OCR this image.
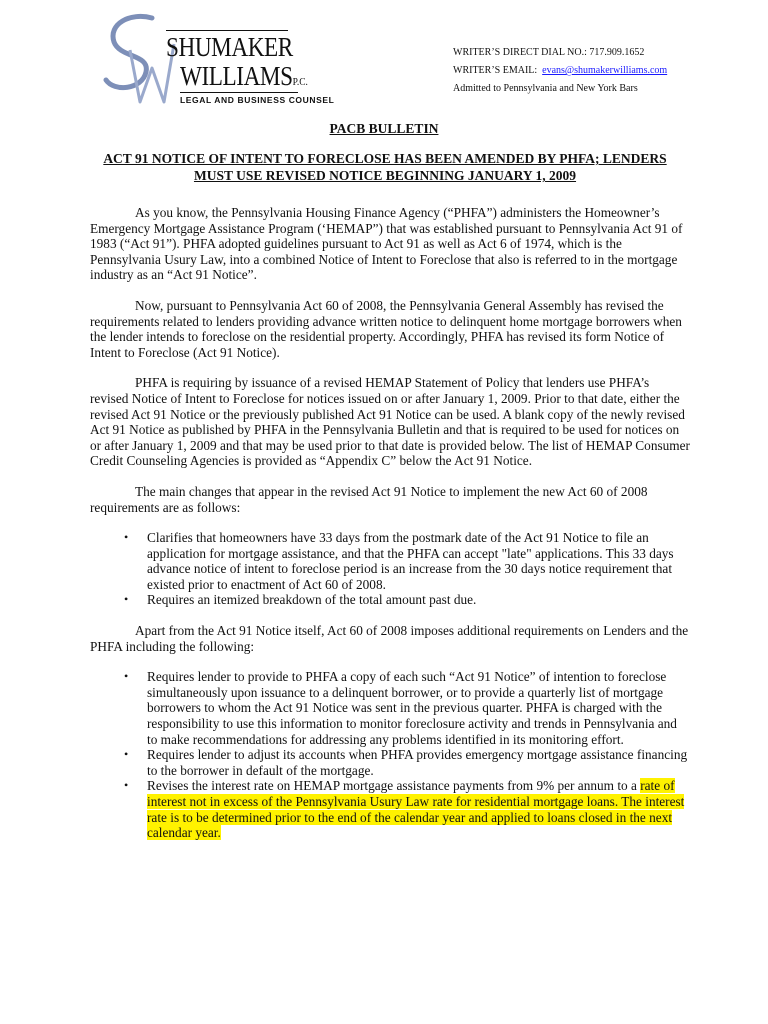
SHUMAKER
WILLIAMSP.C.
LEGAL AND BUSINESS COUNSEL
WRITER’S DIRECT DIAL NO.: 717.909.1652
WRITER’S EMAIL: evans@shumakerwilliams.com
Admitted to Pennsylvania and New York Bars
PACB BULLETIN
ACT 91 NOTICE OF INTENT TO FORECLOSE HAS BEEN AMENDED BY PHFA; LENDERS MUST USE REVISED NOTICE BEGINNING JANUARY 1, 2009

As you know, the Pennsylvania Housing Finance Agency (“PHFA”) administers the Homeowner’s Emergency Mortgage Assistance Program (‘HEMAP”) that was established pursuant to Pennsylvania Act 91 of 1983 (“Act 91”). PHFA adopted guidelines pursuant to Act 91 as well as Act 6 of 1974, which is the Pennsylvania Usury Law, into a combined Notice of Intent to Foreclose that also is referred to in the mortgage industry as an “Act 91 Notice”.

Now, pursuant to Pennsylvania Act 60 of 2008, the Pennsylvania General Assembly has revised the requirements related to lenders providing advance written notice to delinquent home mortgage borrowers when the lender intends to foreclose on the residential property. Accordingly, PHFA has revised its form Notice of Intent to Foreclose (Act 91 Notice).

PHFA is requiring by issuance of a revised HEMAP Statement of Policy that lenders use PHFA’s revised Notice of Intent to Foreclose for notices issued on or after January 1, 2009. Prior to that date, either the revised Act 91 Notice or the previously published Act 91 Notice can be used. A blank copy of the newly revised Act 91 Notice as published by PHFA in the Pennsylvania Bulletin and that is required to be used for notices on or after January 1, 2009 and that may be used prior to that date is provided below. The list of HEMAP Consumer Credit Counseling Agencies is provided as “Appendix C” below the Act 91 Notice.

The main changes that appear in the revised Act 91 Notice to implement the new Act 60 of 2008 requirements are as follows:

• Clarifies that homeowners have 33 days from the postmark date of the Act 91 Notice to file an application for mortgage assistance, and that the PHFA can accept "late" applications. This 33 days advance notice of intent to foreclose period is an increase from the 30 days notice requirement that existed prior to enactment of Act 60 of 2008.
• Requires an itemized breakdown of the total amount past due.

Apart from the Act 91 Notice itself, Act 60 of 2008 imposes additional requirements on Lenders and the PHFA including the following:

• Requires lender to provide to PHFA a copy of each such “Act 91 Notice” of intention to foreclose simultaneously upon issuance to a delinquent borrower, or to provide a quarterly list of mortgage borrowers to whom the Act 91 Notice was sent in the previous quarter. PHFA is charged with the responsibility to use this information to monitor foreclosure activity and trends in Pennsylvania and to make recommendations for addressing any problems identified in its monitoring effort.
• Requires lender to adjust its accounts when PHFA provides emergency mortgage assistance financing to the borrower in default of the mortgage.
• Revises the interest rate on HEMAP mortgage assistance payments from 9% per annum to a rate of interest not in excess of the Pennsylvania Usury Law rate for residential mortgage loans. The interest rate is to be determined prior to the end of the calendar year and applied to loans closed in the next calendar year.
